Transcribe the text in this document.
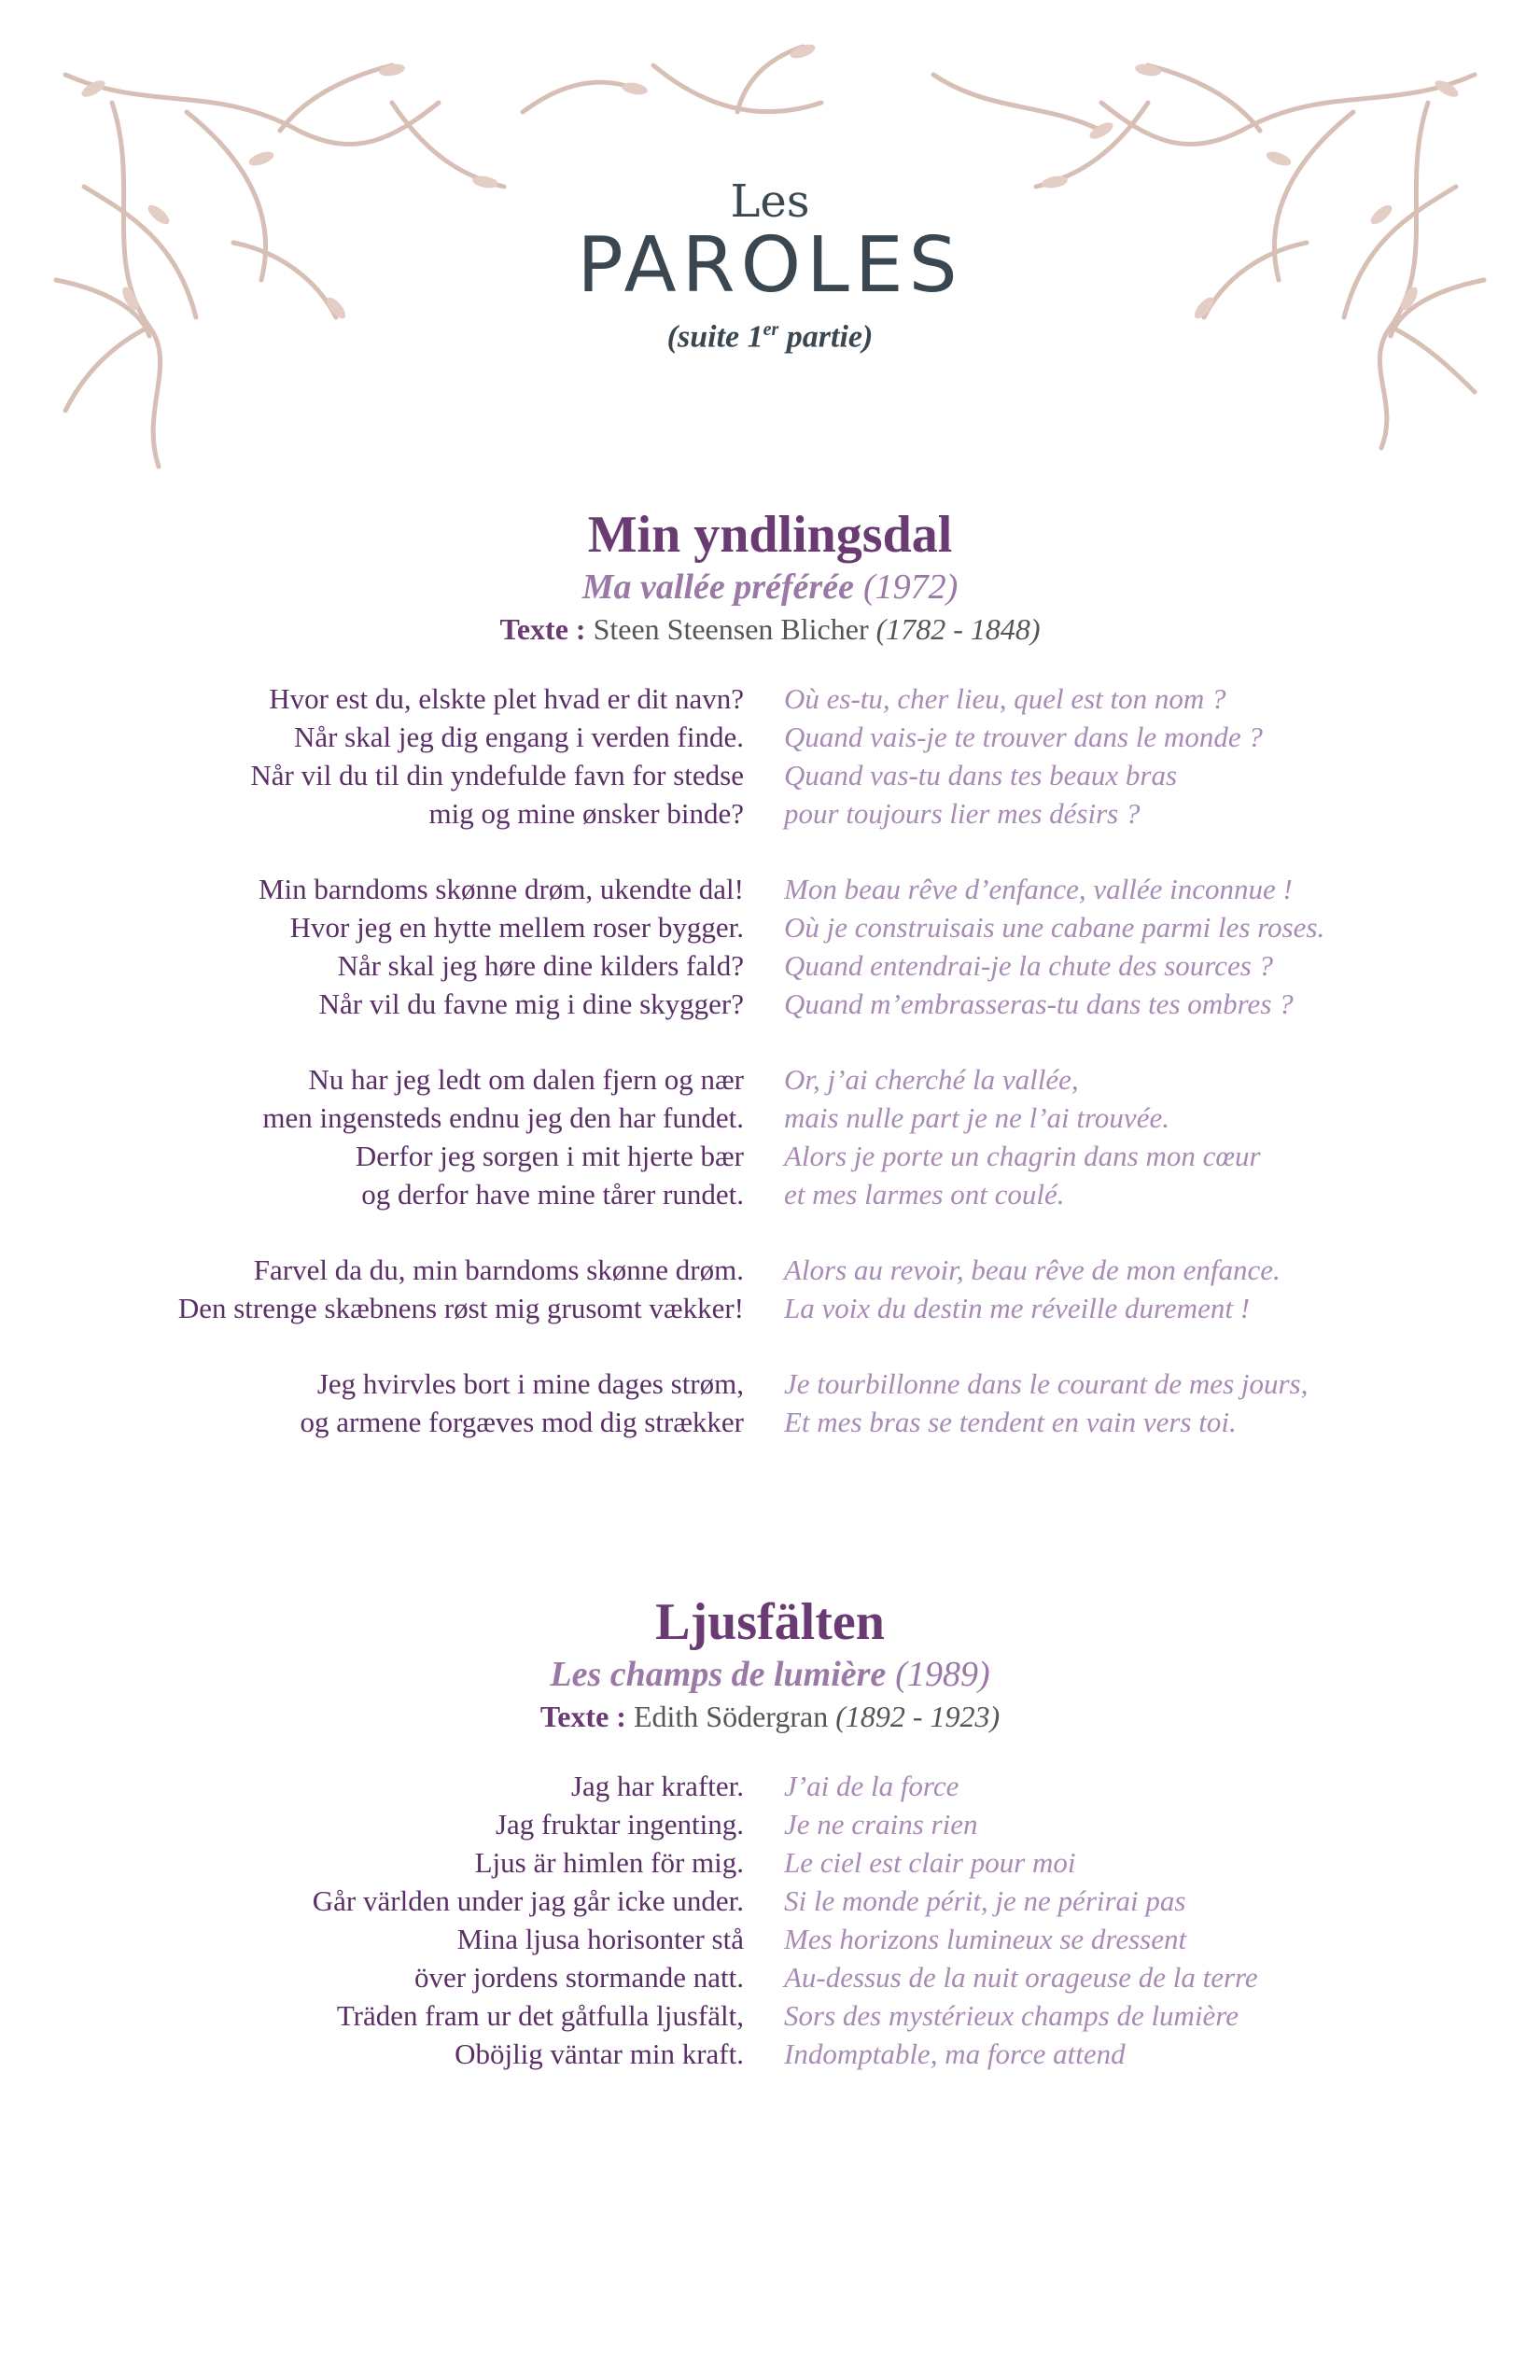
Les
PAROLES
(suite 1er partie)
Min yndlingsdal
Ma vallée préférée (1972)
Texte : Steen Steensen Blicher (1782 - 1848)
Hvor est du, elskte plet hvad er dit navn?
Når skal jeg dig engang i verden finde.
Når vil du til din yndefulde favn for stedse
mig og mine ønsker binde?
Où es-tu, cher lieu, quel est ton nom ?
Quand vais-je te trouver dans le monde ?
Quand vas-tu dans tes beaux bras
pour toujours lier mes désirs ?
Min barndoms skønne drøm, ukendte dal!
Hvor jeg en hytte mellem roser bygger.
Når skal jeg høre dine kilders fald?
Når vil du favne mig i dine skygger?
Mon beau rêve d’enfance, vallée inconnue !
Où je construisais une cabane parmi les roses.
Quand entendrai-je la chute des sources ?
Quand m’embrasseras-tu dans tes ombres ?
Nu har jeg ledt om dalen fjern og nær
men ingensteds endnu jeg den har fundet.
Derfor jeg sorgen i mit hjerte bær
og derfor have mine tårer rundet.
Or, j’ai cherché la vallée,
mais nulle part je ne l’ai trouvée.
Alors je porte un chagrin dans mon cœur
et mes larmes ont coulé.
Farvel da du, min barndoms skønne drøm.
Den strenge skæbnens røst mig grusomt vækker!
Alors au revoir, beau rêve de mon enfance.
La voix du destin me réveille durement !
Jeg hvirvles bort i mine dages strøm,
og armene forgæves mod dig strækker
Je tourbillonne dans le courant de mes jours,
Et mes bras se tendent en vain vers toi.
Ljusfälten
Les champs de lumière (1989)
Texte : Edith Södergran (1892 - 1923)
Jag har krafter.
Jag fruktar ingenting.
Ljus är himlen för mig.
Går världen under jag går icke under.
Mina ljusa horisonter stå
över jordens stormande natt.
Träden fram ur det gåtfulla ljusfält,
Oböjlig väntar min kraft.
J’ai de la force
Je ne crains rien
Le ciel est clair pour moi
Si le monde périt, je ne périrai pas
Mes horizons lumineux se dressent
Au-dessus de la nuit orageuse de la terre
Sors des mystérieux champs de lumière
Indomptable, ma force attend
